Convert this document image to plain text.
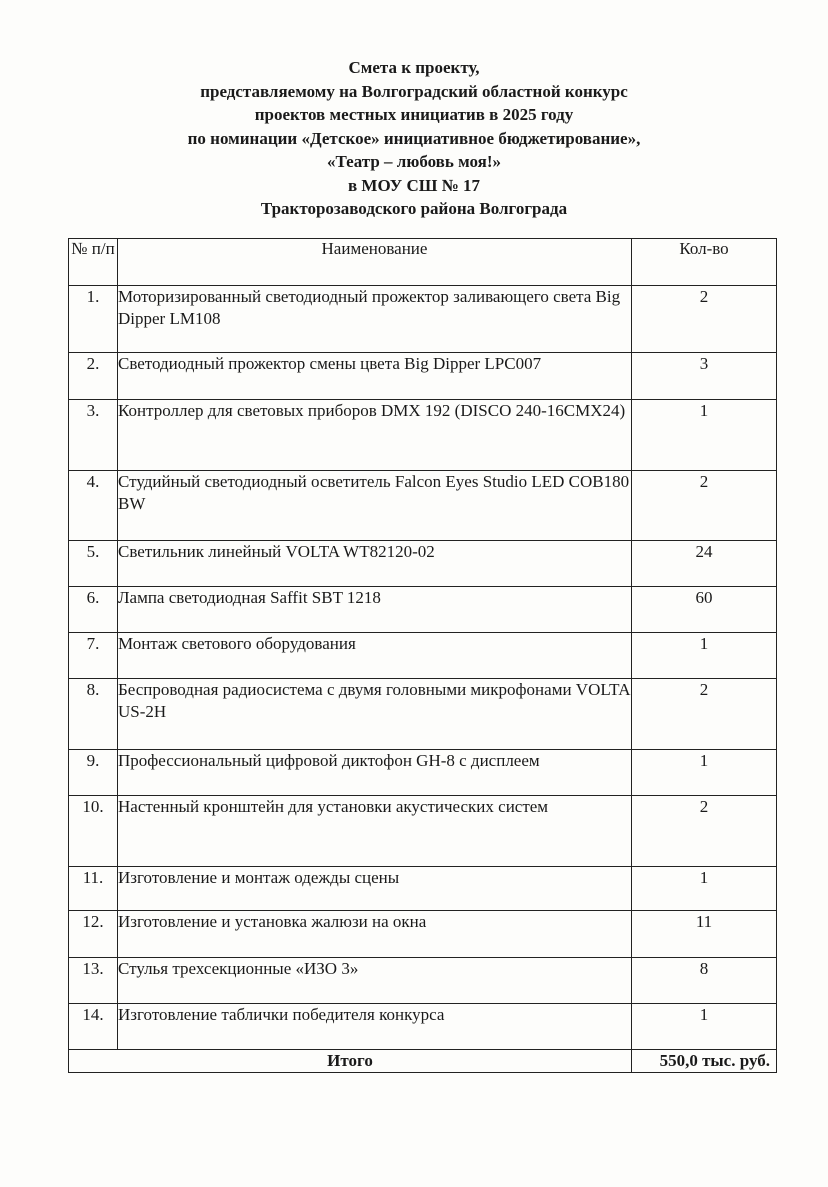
Смета к проекту,
представляемому на Волгоградский областной конкурс
проектов местных инициатив в 2025 году
по номинации «Детское» инициативное бюджетирование»,
«Театр – любовь моя!»
в МОУ СШ № 17
Тракторозаводского района Волгограда
№ п/п	Наименование	Кол-во
1.	Моторизированный светодиодный прожектор заливающего света Big Dipper LM108	2
2.	Светодиодный прожектор смены цвета Big Dipper LPC007	3
3.	Контроллер для световых приборов DMX 192 (DISCO 240-16CMX24)	1
4.	Студийный светодиодный осветитель Falcon Eyes Studio LED COB180 BW	2
5.	Светильник линейный VOLTA WT82120-02	24
6.	Лампа светодиодная Saffit SBT 1218	60
7.	Монтаж светового оборудования	1
8.	Беспроводная радиосистема с двумя головными микрофонами VOLTA US-2H	2
9.	Профессиональный цифровой диктофон GH-8 с дисплеем	1
10.	Настенный кронштейн для установки акустических систем	2
11.	Изготовление и монтаж одежды сцены	1
12.	Изготовление и установка жалюзи на окна	11
13.	Стулья трехсекционные «ИЗО 3»	8
14.	Изготовление таблички победителя конкурса	1
Итого		550,0 тыс. руб.
